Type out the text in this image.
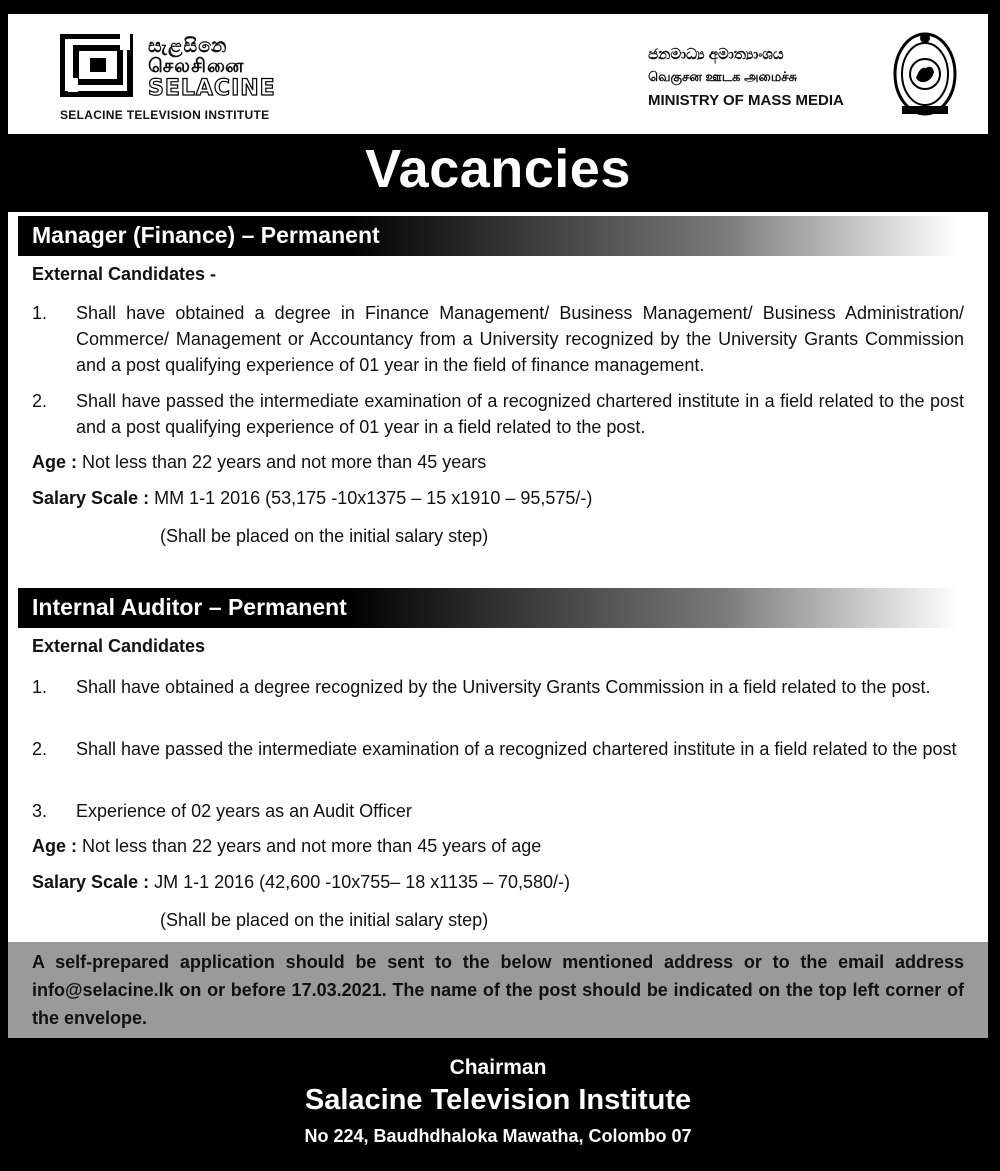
සැළසිනෙ
செலசினை
SELACINE
SELACINE TELEVISION INSTITUTE
ජනමාධ්‍ය අමාත්‍යාංශය
வெகுசன ஊடக அமைச்சு
MINISTRY OF MASS MEDIA
Vacancies
Manager (Finance) – Permanent
External Candidates -
1. Shall have obtained a degree in Finance Management/ Business Management/ Business Administration/ Commerce/ Management or Accountancy from a University recognized by the University Grants Commission and a post qualifying experience of 01 year in the field of finance management.
2. Shall have passed the intermediate examination of a recognized chartered institute in a field related to the post and a post qualifying experience of 01 year in a field related to the post.
Age : Not less than 22 years and not more than 45 years
Salary Scale : MM 1-1 2016 (53,175 -10x1375 – 15 x1910 – 95,575/-)
(Shall be placed on the initial salary step)
Internal Auditor – Permanent
External Candidates
1. Shall have obtained a degree recognized by the University Grants Commission in a field related to the post.
2. Shall have passed the intermediate examination of a recognized chartered institute in a field related to the post
3. Experience of 02 years as an Audit Officer
Age : Not less than 22 years and not more than 45 years of age
Salary Scale : JM 1-1 2016 (42,600 -10x755– 18 x1135 – 70,580/-)
(Shall be placed on the initial salary step)

A self-prepared application should be sent to the below mentioned address or to the email address info@selacine.lk on or before 17.03.2021. The name of the post should be indicated on the top left corner of the envelope.

Chairman
Salacine Television Institute
No 224, Baudhdhaloka Mawatha, Colombo 07
